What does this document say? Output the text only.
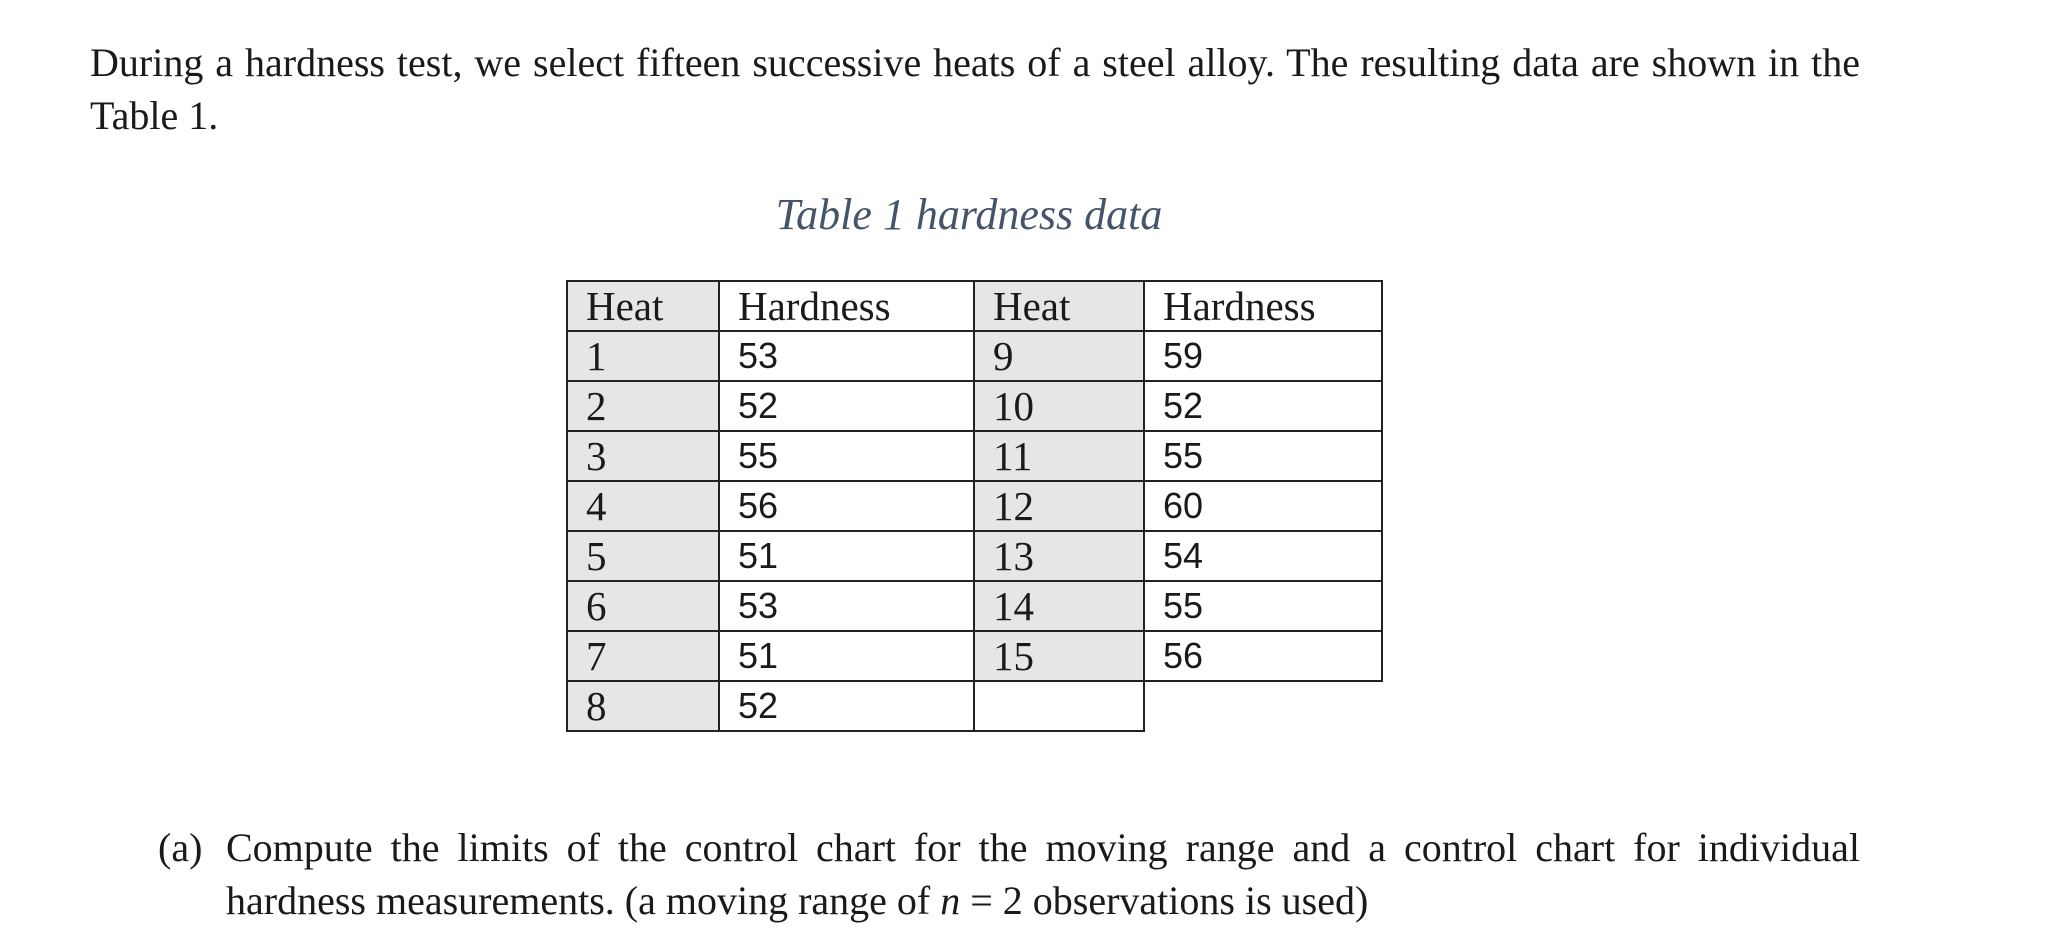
During a hardness test, we select fifteen successive heats of a steel alloy. The resulting data are shown in the Table 1.
Table 1 hardness data
Heat	Hardness	Heat	Hardness
1	53	9	59
2	52	10	52
3	55	11	55
4	56	12	60
5	51	13	54
6	53	14	55
7	51	15	56
8	52		
(a) Compute the limits of the control chart for the moving range and a control chart for individual hardness measurements. (a moving range of n = 2 observations is used)
